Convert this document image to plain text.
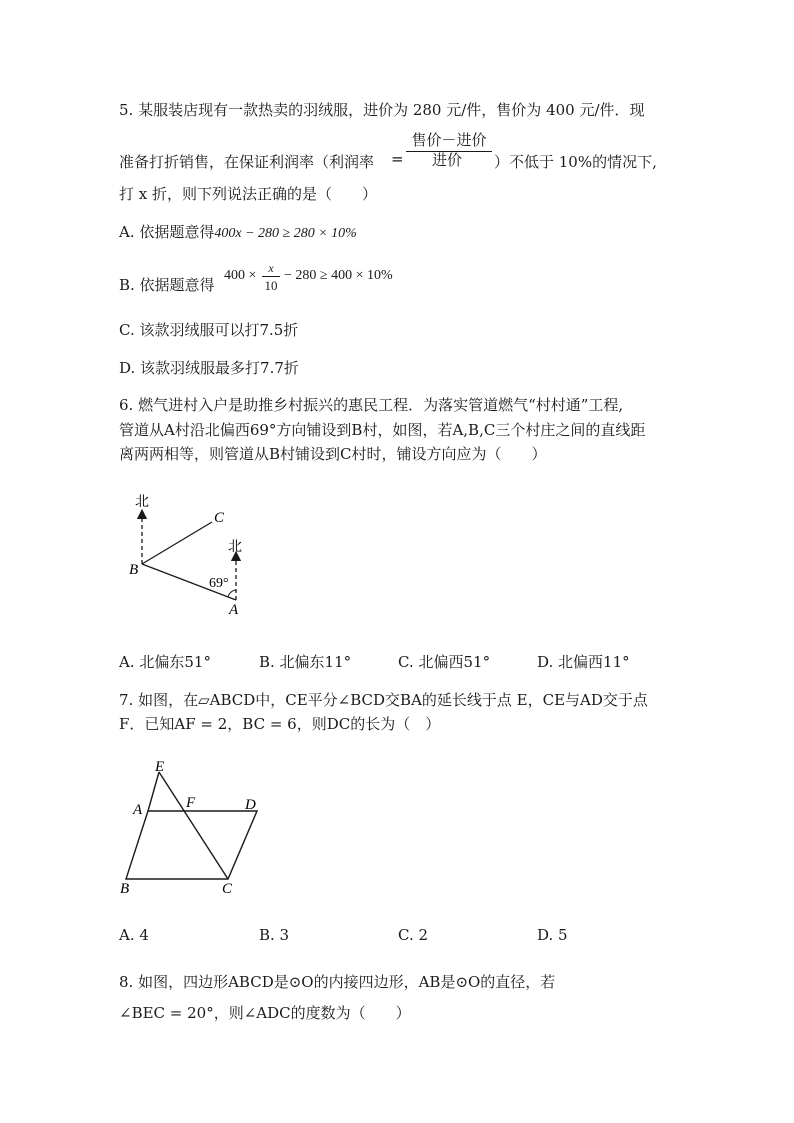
5. 某服装店现有一款热卖的羽绒服，进价为 280 元/件，售价为 400 元/件．现
准备打折销售，在保证利润率（利润率 =
售价－进价
进价	）不低于 10%的情况下,
打 x 折，则下列说法正确的是（　　）
A. 依据题意得400x − 280 ≥ 280 × 10%
B. 依据题意得
400 × x
10
− 280 ≥ 400 × 10%
C. 该款羽绒服可以打7.5折
D. 该款羽绒服最多打7.7折
6. 燃气进村入户是助推乡村振兴的惠民工程．为落实管道燃气“村村通”工程,
管道从A村沿北偏西69°方向铺设到B村，如图，若A,B,C三个村庄之间的直线距
离两两相等，则管道从B村铺设到C村时，铺设方向应为（　　）
北
北
B
C
A
69°
A. 北偏东51°	B. 北偏东11°	C. 北偏西51°	D. 北偏西11°
7. 如图，在▱ABCD中，CE平分∠BCD交BA的延长线于点 E，CE与AD交于点
F．已知AF = 2，BC = 6，则DC的长为（　）
E
A	F	D
B	C
A. 4	B. 3	C. 2	D. 5
8. 如图，四边形ABCD是⊙O的内接四边形，AB是⊙O的直径，若
∠BEC = 20°，则∠ADC的度数为（　　）
